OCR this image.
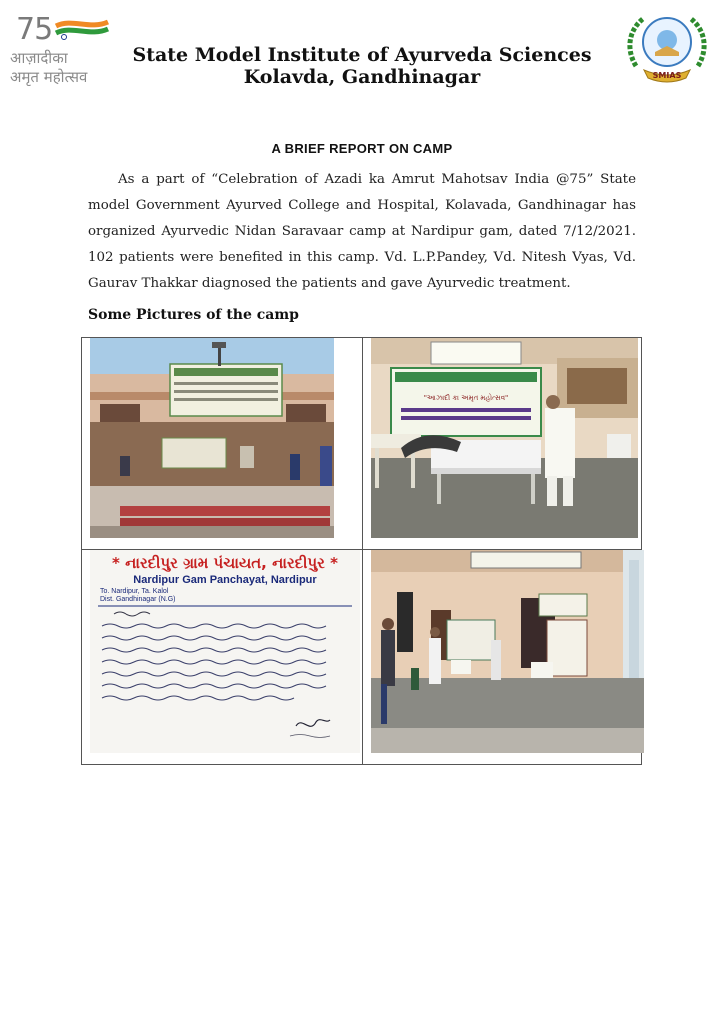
75
आज़ादीका
अमृत महोत्सव
State Model Institute of Ayurveda Sciences
Kolavda, Gandhinagar	SMIAS
A BRIEF REPORT ON CAMP
As a part of “Celebration of Azadi ka Amrut Mahotsav India @75” State model Government Ayurved College and Hospital, Kolavada, Gandhinagar has organized Ayurvedic Nidan Saravaar camp at Nardipur gam, dated 7/12/2021. 102 patients were benefited in this camp. Vd. L.P.Pandey, Vd. Nitesh Vyas, Vd. Gaurav Thakkar diagnosed the patients and gave Ayurvedic treatment.
Some Pictures of the camp
"આઝાદી કા અમૃત મહોત્સવ"
* નારદીપુર ગ્રામ પંચાયત, નારદીપુર *
Nardipur Gam Panchayat, Nardipur
To. Nardipur, Ta. Kalol
Dist. Gandhinagar (N.G)
